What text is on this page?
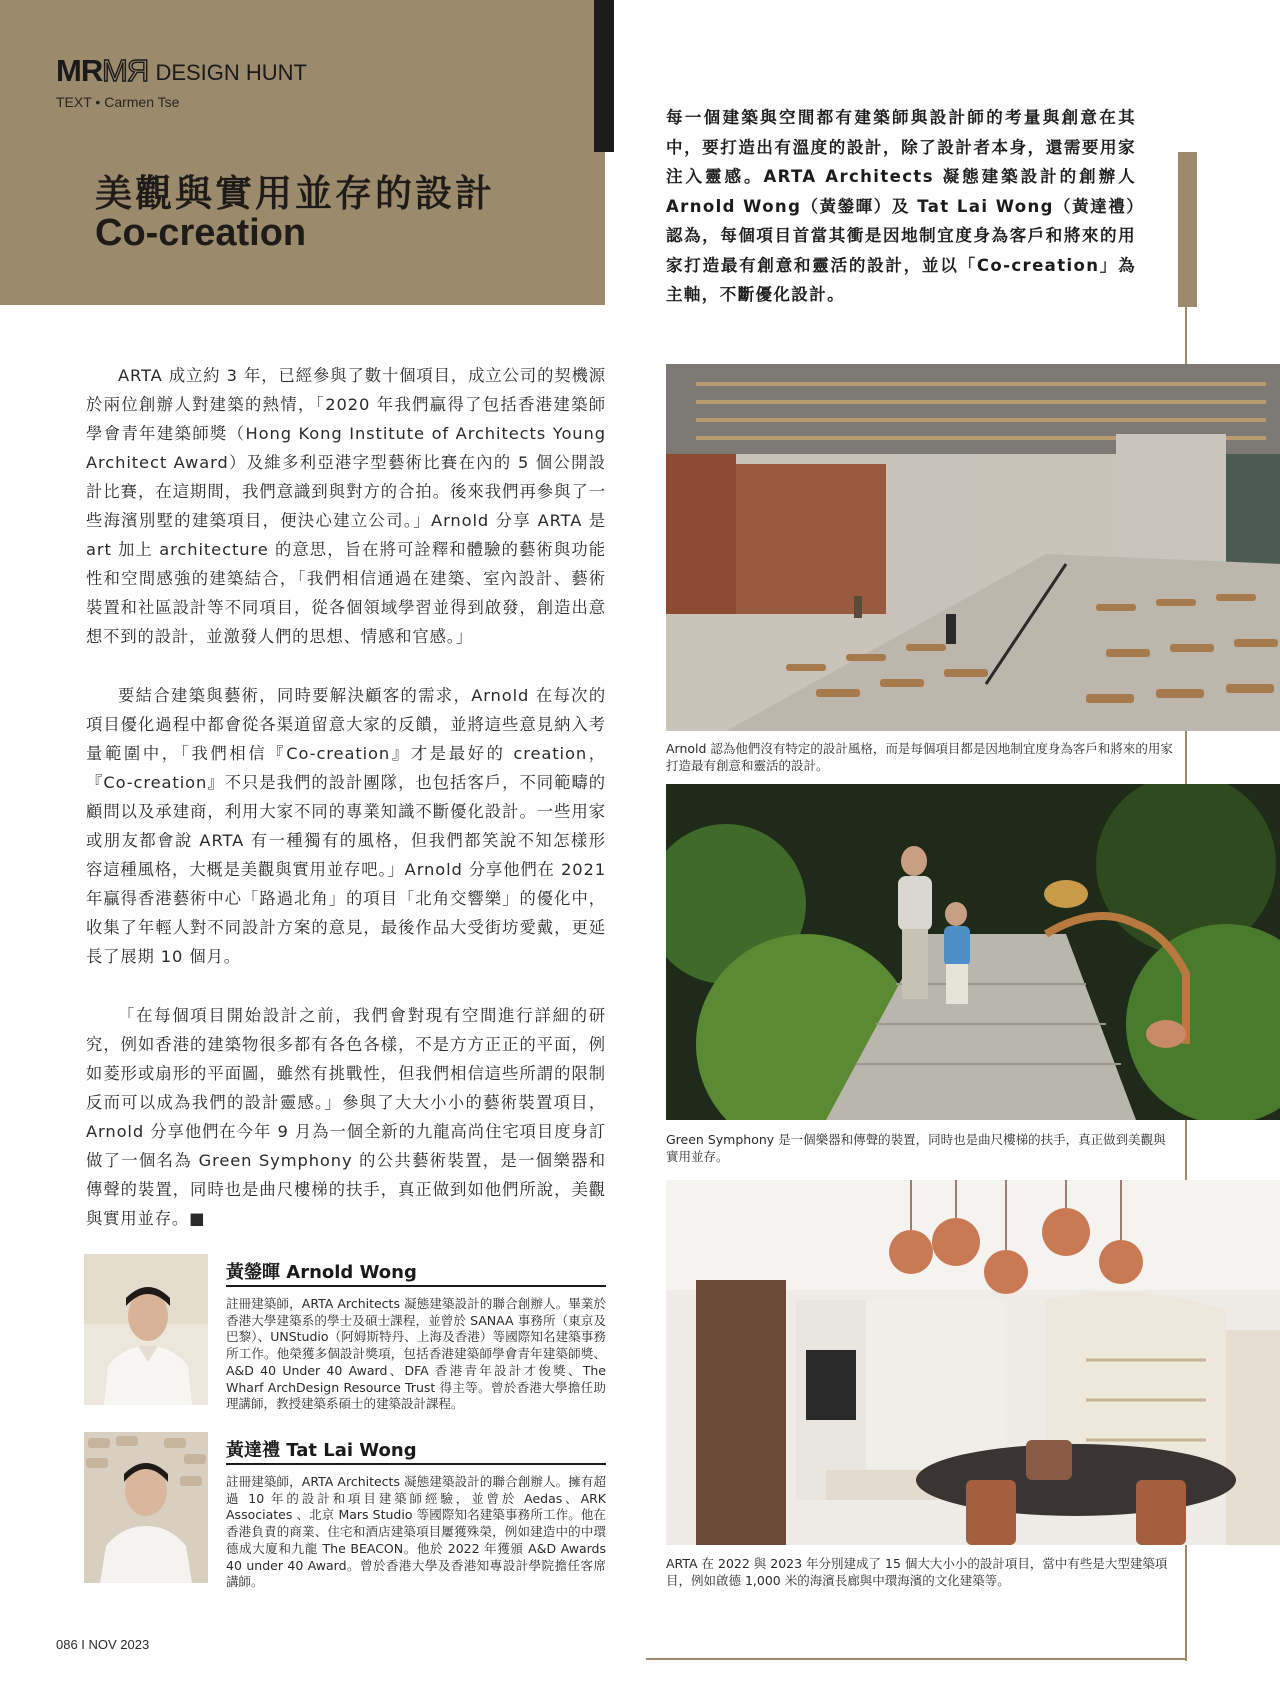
MR RM DESIGN HUNT
TEXT • Carmen Tse
美觀與實用並存的設計
Co-creation
每一個建築與空間都有建築師與設計師的考量與創意在其中，要打造出有溫度的設計，除了設計者本身，還需要用家注入靈感。ARTA Architects 凝態建築設計的創辦人 Arnold Wong（黃鎣暉）及 Tat Lai Wong（黃達禮）認為，每個項目首當其衝是因地制宜度身為客戶和將來的用家打造最有創意和靈活的設計，並以「Co-creation」為主軸，不斷優化設計。

ARTA 成立約 3 年，已經參與了數十個項目，成立公司的契機源於兩位創辦人對建築的熱情，「2020 年我們贏得了包括香港建築師學會青年建築師獎（Hong Kong Institute of Architects Young Architect Award）及維多利亞港字型藝術比賽在內的 5 個公開設計比賽，在這期間，我們意識到與對方的合拍。後來我們再參與了一些海濱別墅的建築項目，便決心建立公司。」Arnold 分享 ARTA 是 art 加上 architecture 的意思，旨在將可詮釋和體驗的藝術與功能性和空間感強的建築結合，「我們相信通過在建築、室內設計、藝術裝置和社區設計等不同項目，從各個領域學習並得到啟發，創造出意想不到的設計，並激發人們的思想、情感和官感。」

要結合建築與藝術，同時要解決顧客的需求，Arnold 在每次的項目優化過程中都會從各渠道留意大家的反饋，並將這些意見納入考量範圍中，「我們相信『Co-creation』才是最好的 creation，『Co-creation』不只是我們的設計團隊，也包括客戶，不同範疇的顧問以及承建商，利用大家不同的專業知識不斷優化設計。一些用家或朋友都會說 ARTA 有一種獨有的風格，但我們都笑說不知怎樣形容這種風格，大概是美觀與實用並存吧。」Arnold 分享他們在 2021 年贏得香港藝術中心「路過北角」的項目「北角交響樂」的優化中，收集了年輕人對不同設計方案的意見，最後作品大受街坊愛戴，更延長了展期 10 個月。

「在每個項目開始設計之前，我們會對現有空間進行詳細的研究，例如香港的建築物很多都有各色各樣，不是方方正正的平面，例如菱形或扇形的平面圖，雖然有挑戰性，但我們相信這些所謂的限制反而可以成為我們的設計靈感。」參與了大大小小的藝術裝置項目，Arnold 分享他們在今年 9 月為一個全新的九龍高尚住宅項目度身訂做了一個名為 Green Symphony 的公共藝術裝置，是一個樂器和傳聲的裝置，同時也是曲尺樓梯的扶手，真正做到如他們所說，美觀與實用並存。■

黃鎣暉 Arnold Wong

註冊建築師，ARTA Architects 凝態建築設計的聯合創辦人。畢業於香港大學建築系的學士及碩士課程，並曾於 SANAA 事務所（東京及巴黎）、UNStudio（阿姆斯特丹、上海及香港）等國際知名建築事務所工作。他榮獲多個設計獎項，包括香港建築師學會青年建築師獎、A&D 40 Under 40 Award、DFA 香港青年設計才俊獎、The Wharf ArchDesign Resource Trust 得主等。曾於香港大學擔任助理講師，教授建築系碩士的建築設計課程。

黃達禮 Tat Lai Wong

註冊建築師，ARTA Architects 凝態建築設計的聯合創辦人。擁有超過 10 年的設計和項目建築師經驗，並曾於 Aedas、ARK Associates 、北京 Mars Studio 等國際知名建築事務所工作。他在香港負責的商業、住宅和酒店建築項目屢獲殊榮，例如建造中的中環德成大廈和九龍 The BEACON。他於 2022 年獲頒 A&D Awards 40 under 40 Award。曾於香港大學及香港知專設計學院擔任客席講師。

Arnold 認為他們沒有特定的設計風格，而是每個項目都是因地制宜度身為客戶和將來的用家打造最有創意和靈活的設計。

Green Symphony 是一個樂器和傳聲的裝置，同時也是曲尺樓梯的扶手，真正做到美觀與實用並存。

ARTA 在 2022 與 2023 年分別建成了 15 個大大小小的設計項目，當中有些是大型建築項目，例如啟德 1,000 米的海濱長廊與中環海濱的文化建築等。

086 I NOV 2023
